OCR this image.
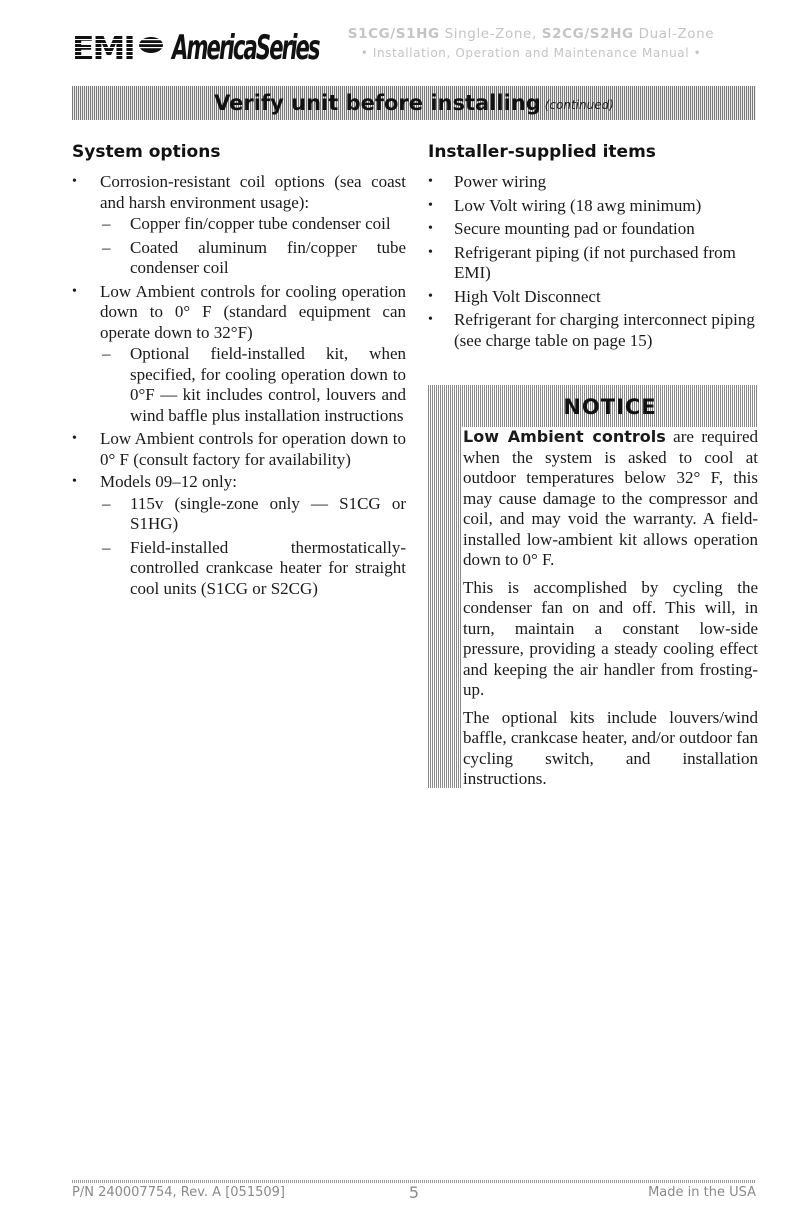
EMI AmericaSeries	S1CG/S1HG Single-Zone, S2CG/S2HG Dual-Zone
• Installation, Operation and Maintenance Manual •
Verify unit before installing (continued)
System options
• Corrosion-resistant coil options (sea coast and harsh environment usage):
– Copper fin/copper tube condenser coil
– Coated aluminum fin/copper tube condenser coil
• Low Ambient controls for cooling operation down to 0° F (standard equipment can operate down to 32°F)
– Optional field-installed kit, when specified, for cooling operation down to 0°F — kit includes control, louvers and wind baffle plus installation instructions
• Low Ambient controls for operation down to 0° F (consult factory for availability)
• Models 09–12 only:
– 115v (single-zone only — S1CG or S1HG)
– Field-installed thermostatically-controlled crankcase heater for straight cool units (S1CG or S2CG)
Installer-supplied items
• Power wiring
• Low Volt wiring (18 awg minimum)
• Secure mounting pad or foundation
• Refrigerant piping (if not purchased from EMI)
• High Volt Disconnect
• Refrigerant for charging interconnect piping (see charge table on page 15)
NOTICE

Low Ambient controls are required when the system is asked to cool at outdoor temperatures below 32° F, this may cause damage to the compressor and coil, and may void the warranty. A field-installed low-ambient kit allows operation down to 0° F.

This is accomplished by cycling the condenser fan on and off. This will, in turn, maintain a constant low-side pressure, providing a steady cooling effect and keeping the air handler from frosting-up.

The optional kits include louvers/wind baffle, crankcase heater, and/or outdoor fan cycling switch, and installation instructions.

P/N 240007754, Rev. A [051509]	5	Made in the USA
